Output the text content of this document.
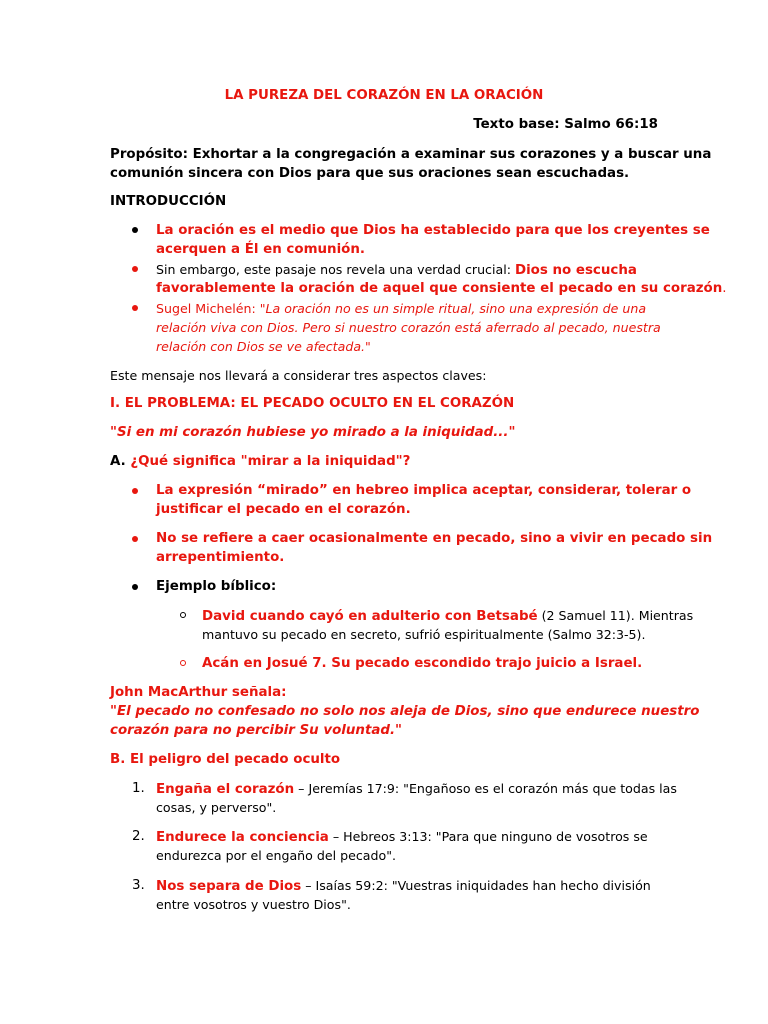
LA PUREZA DEL CORAZÓN EN LA ORACIÓN
Texto base: Salmo 66:18
Propósito: Exhortar a la congregación a examinar sus corazones y a buscar una
comunión sincera con Dios para que sus oraciones sean escuchadas.
INTRODUCCIÓN
La oración es el medio que Dios ha establecido para que los creyentes se
acerquen a Él en comunión.
Sin embargo, este pasaje nos revela una verdad crucial: Dios no escucha
favorablemente la oración de aquel que consiente el pecado en su corazón.
Sugel Michelén: "La oración no es un simple ritual, sino una expresión de una
relación viva con Dios. Pero si nuestro corazón está aferrado al pecado, nuestra
relación con Dios se ve afectada."
Este mensaje nos llevará a considerar tres aspectos claves:
I. EL PROBLEMA: EL PECADO OCULTO EN EL CORAZÓN
"Si en mi corazón hubiese yo mirado a la iniquidad..."
A. ¿Qué significa "mirar a la iniquidad"?
La expresión “mirado” en hebreo implica aceptar, considerar, tolerar o
justificar el pecado en el corazón.
No se refiere a caer ocasionalmente en pecado, sino a vivir en pecado sin
arrepentimiento.
Ejemplo bíblico:
David cuando cayó en adulterio con Betsabé (2 Samuel 11). Mientras
mantuvo su pecado en secreto, sufrió espiritualmente (Salmo 32:3-5).
Acán en Josué 7. Su pecado escondido trajo juicio a Israel.
John MacArthur señala:
"El pecado no confesado no solo nos aleja de Dios, sino que endurece nuestro
corazón para no percibir Su voluntad."
B. El peligro del pecado oculto
1. Engaña el corazón – Jeremías 17:9: "Engañoso es el corazón más que todas las
cosas, y perverso".
2. Endurece la conciencia – Hebreos 3:13: "Para que ninguno de vosotros se
endurezca por el engaño del pecado".
3. Nos separa de Dios – Isaías 59:2: "Vuestras iniquidades han hecho división
entre vosotros y vuestro Dios".
